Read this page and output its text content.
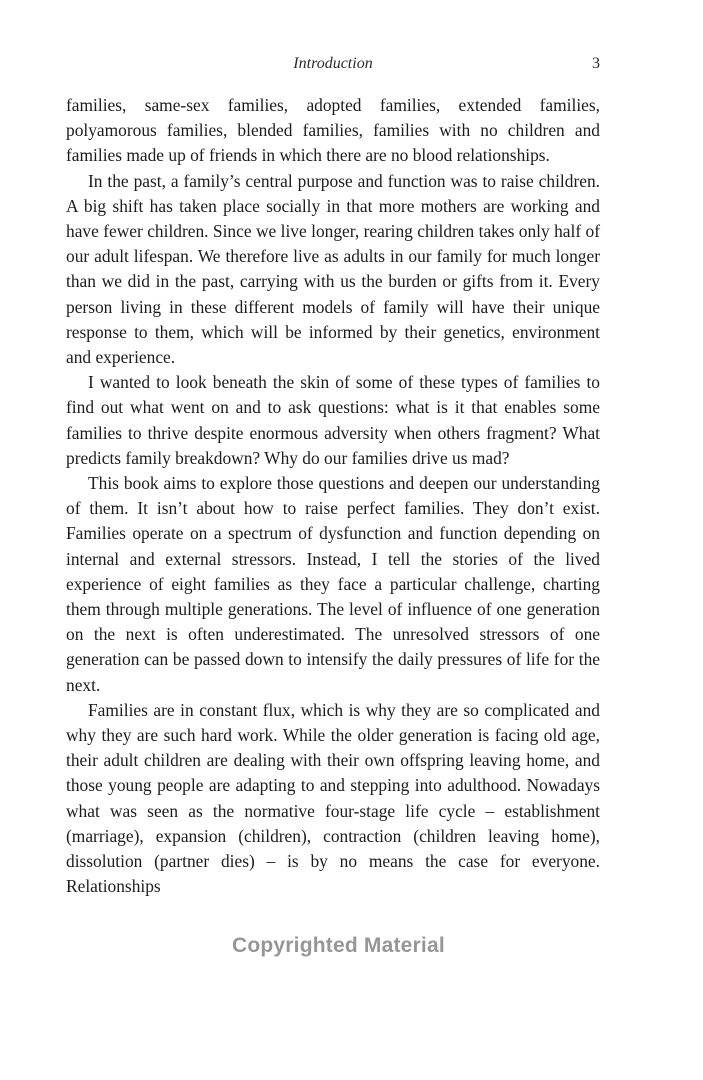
Introduction	3

families, same-sex families, adopted families, extended families, polyamorous families, blended families, families with no children and families made up of friends in which there are no blood relationships.

In the past, a family’s central purpose and function was to raise children. A big shift has taken place socially in that more mothers are working and have fewer children. Since we live longer, rearing children takes only half of our adult lifespan. We therefore live as adults in our family for much longer than we did in the past, carrying with us the burden or gifts from it. Every person living in these different models of family will have their unique response to them, which will be informed by their genetics, environment and experience.

I wanted to look beneath the skin of some of these types of families to find out what went on and to ask questions: what is it that enables some families to thrive despite enormous adversity when others fragment? What predicts family breakdown? Why do our families drive us mad?

This book aims to explore those questions and deepen our understanding of them. It isn’t about how to raise perfect families. They don’t exist. Families operate on a spectrum of dysfunction and function depending on internal and external stressors. Instead, I tell the stories of the lived experience of eight families as they face a particular challenge, charting them through multiple generations. The level of influence of one generation on the next is often underestimated. The unresolved stressors of one generation can be passed down to intensify the daily pressures of life for the next.

Families are in constant flux, which is why they are so complicated and why they are such hard work. While the older generation is facing old age, their adult children are dealing with their own offspring leaving home, and those young people are adapting to and stepping into adulthood. Nowadays what was seen as the normative four-stage life cycle – establishment (marriage), expansion (children), contraction (children leaving home), dissolution (partner dies) – is by no means the case for everyone. Relationships

Copyrighted Material
